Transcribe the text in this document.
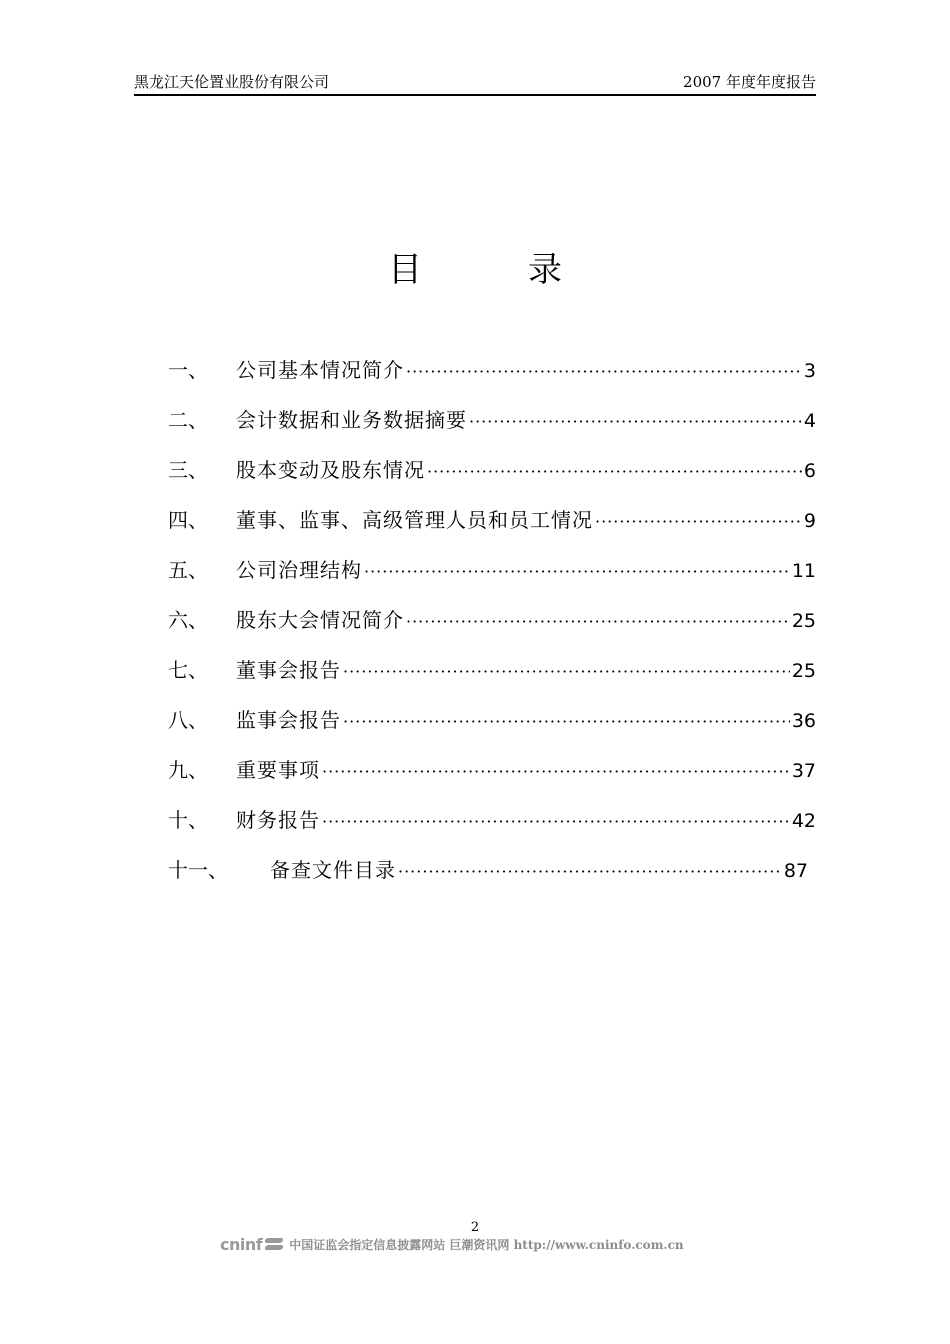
黑龙江天伦置业股份有限公司	2007 年度年度报告
目	录
一、 公司基本情况简介 ·····	3
二、 会计数据和业务数据摘要 ·····	4
三、 股本变动及股东情况 ·····	6
四、 董事、监事、高级管理人员和员工情况 ·····	9
五、 公司治理结构 ·····	11
六、 股东大会情况简介 ·····	25
七、 董事会报告 ·····	25
八、 监事会报告 ·····	36
九、 重要事项 ·····	37
十、 财务报告 ·····	42
十一、 备查文件目录 ·····	87
2
cninf 中国证监会指定信息披露网站 巨潮资讯网 http://www.cninfo.com.cn
